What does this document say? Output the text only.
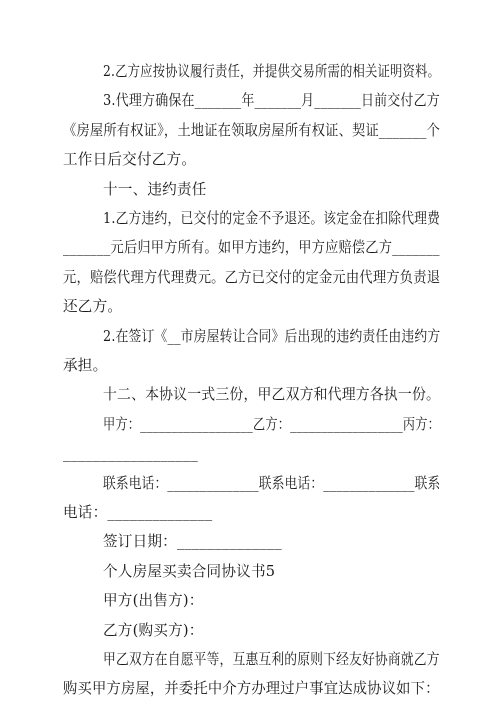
2.乙方应按协议履行责任，并提供交易所需的相关证明资料。
3.代理方确保在_______年_______月_______日前交付乙方
《房屋所有权证》，土地证在领取房屋所有权证、契证_______个
工作日后交付乙方。
十一、违约责任
1.乙方违约，已交付的定金不予退还。该定金在扣除代理费
_______元后归甲方所有。如甲方违约，甲方应赔偿乙方_______
元，赔偿代理方代理费元。乙方已交付的定金元由代理方负责退
还乙方。
2.在签订《__市房屋转让合同》后出现的违约责任由违约方
承担。
十二、本协议一式三份，甲乙双方和代理方各执一份。
甲方：__________________乙方：__________________丙方：
__________________
联系电话：______________联系电话：______________联系
电话：______________
签订日期：______________
个人房屋买卖合同协议书5
甲方(出售方)：
乙方(购买方)：
甲乙双方在自愿平等，互惠互利的原则下经友好协商就乙方
购买甲方房屋，并委托中介方办理过户事宜达成协议如下：
